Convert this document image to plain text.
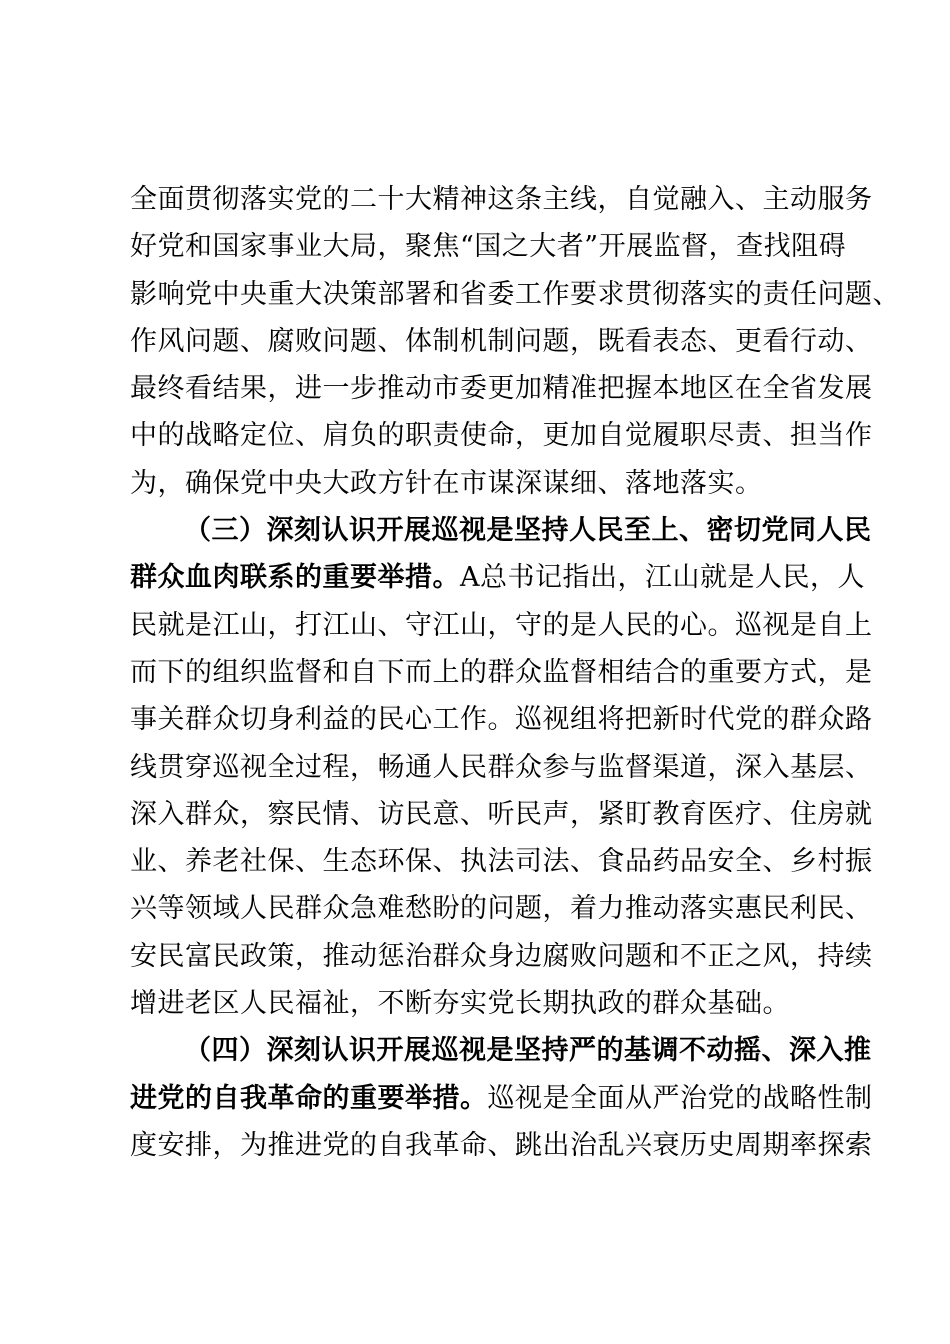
全面贯彻落实党的二十大精神这条主线，自觉融入、主动服务
好党和国家事业大局，聚焦“国之大者”开展监督，查找阻碍
影响党中央重大决策部署和省委工作要求贯彻落实的责任问题、
作风问题、腐败问题、体制机制问题，既看表态、更看行动、
最终看结果，进一步推动市委更加精准把握本地区在全省发展
中的战略定位、肩负的职责使命，更加自觉履职尽责、担当作
为，确保党中央大政方针在市谋深谋细、落地落实。
（三）深刻认识开展巡视是坚持人民至上、密切党同人民
群众血肉联系的重要举措。A总书记指出，江山就是人民，人
民就是江山，打江山、守江山，守的是人民的心。巡视是自上
而下的组织监督和自下而上的群众监督相结合的重要方式，是
事关群众切身利益的民心工作。巡视组将把新时代党的群众路
线贯穿巡视全过程，畅通人民群众参与监督渠道，深入基层、
深入群众，察民情、访民意、听民声，紧盯教育医疗、住房就
业、养老社保、生态环保、执法司法、食品药品安全、乡村振
兴等领域人民群众急难愁盼的问题，着力推动落实惠民利民、
安民富民政策，推动惩治群众身边腐败问题和不正之风，持续
增进老区人民福祉，不断夯实党长期执政的群众基础。
（四）深刻认识开展巡视是坚持严的基调不动摇、深入推
进党的自我革命的重要举措。巡视是全面从严治党的战略性制
度安排，为推进党的自我革命、跳出治乱兴衰历史周期率探索
